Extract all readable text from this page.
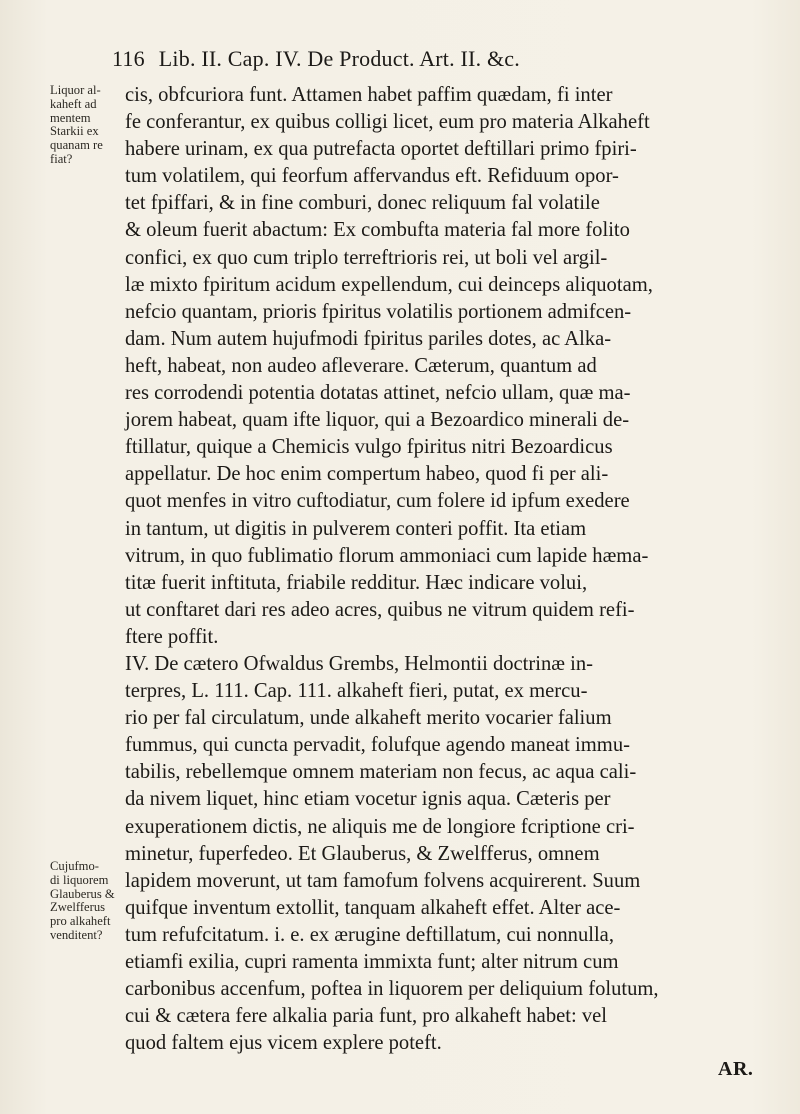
116 Lib. II. Cap. IV. De Product. Art. II. &c.
Liquor al-
kaheft ad
mentem
Starkii ex
quanam re
fiat?
Cujufmo-
di liquorem
Glauberus &
Zwelfferus
pro alkaheft
venditent?
cis, obfcuriora funt. Attamen habet paffim quædam, fi inter
fe conferantur, ex quibus colligi licet, eum pro materia Alkaheft
habere urinam, ex qua putrefacta oportet deftillari primo fpiri-
tum volatilem, qui feorfum affervandus eft. Refiduum opor-
tet fpiffari, & in fine comburi, donec reliquum fal volatile
& oleum fuerit abactum: Ex combufta materia fal more folito
confici, ex quo cum triplo terreftrioris rei, ut boli vel argil-
læ mixto fpiritum acidum expellendum, cui deinceps aliquotam,
nefcio quantam, prioris fpiritus volatilis portionem admifcen-
dam. Num autem hujufmodi fpiritus pariles dotes, ac Alka-
heft, habeat, non audeo afleverare. Cæterum, quantum ad
res corrodendi potentia dotatas attinet, nefcio ullam, quæ ma-
jorem habeat, quam ifte liquor, qui a Bezoardico minerali de-
ftillatur, quique a Chemicis vulgo fpiritus nitri Bezoardicus
appellatur. De hoc enim compertum habeo, quod fi per ali-
quot menfes in vitro cuftodiatur, cum folere id ipfum exedere
in tantum, ut digitis in pulverem conteri poffit. Ita etiam
vitrum, in quo fublimatio florum ammoniaci cum lapide hæma-
titæ fuerit inftituta, friabile redditur. Hæc indicare volui,
ut conftaret dari res adeo acres, quibus ne vitrum quidem refi-
ftere poffit.
IV. De cætero Ofwaldus Grembs, Helmontii doctrinæ in-
terpres, L. 111. Cap. 111. alkaheft fieri, putat, ex mercu-
rio per fal circulatum, unde alkaheft merito vocarier falium
fummus, qui cuncta pervadit, folufque agendo maneat immu-
tabilis, rebellemque omnem materiam non fecus, ac aqua cali-
da nivem liquet, hinc etiam vocetur ignis aqua. Cæteris per
exuperationem dictis, ne aliquis me de longiore fcriptione cri-
minetur, fuperfedeo. Et Glauberus, & Zwelfferus, omnem
lapidem moverunt, ut tam famofum folvens acquirerent. Suum
quifque inventum extollit, tanquam alkaheft effet. Alter ace-
tum refufcitatum. i. e. ex ærugine deftillatum, cui nonnulla,
etiamfi exilia, cupri ramenta immixta funt; alter nitrum cum
carbonibus accenfum, poftea in liquorem per deliquium folutum,
cui & cætera fere alkalia paria funt, pro alkaheft habet: vel
quod faltem ejus vicem explere poteft.
AR.
